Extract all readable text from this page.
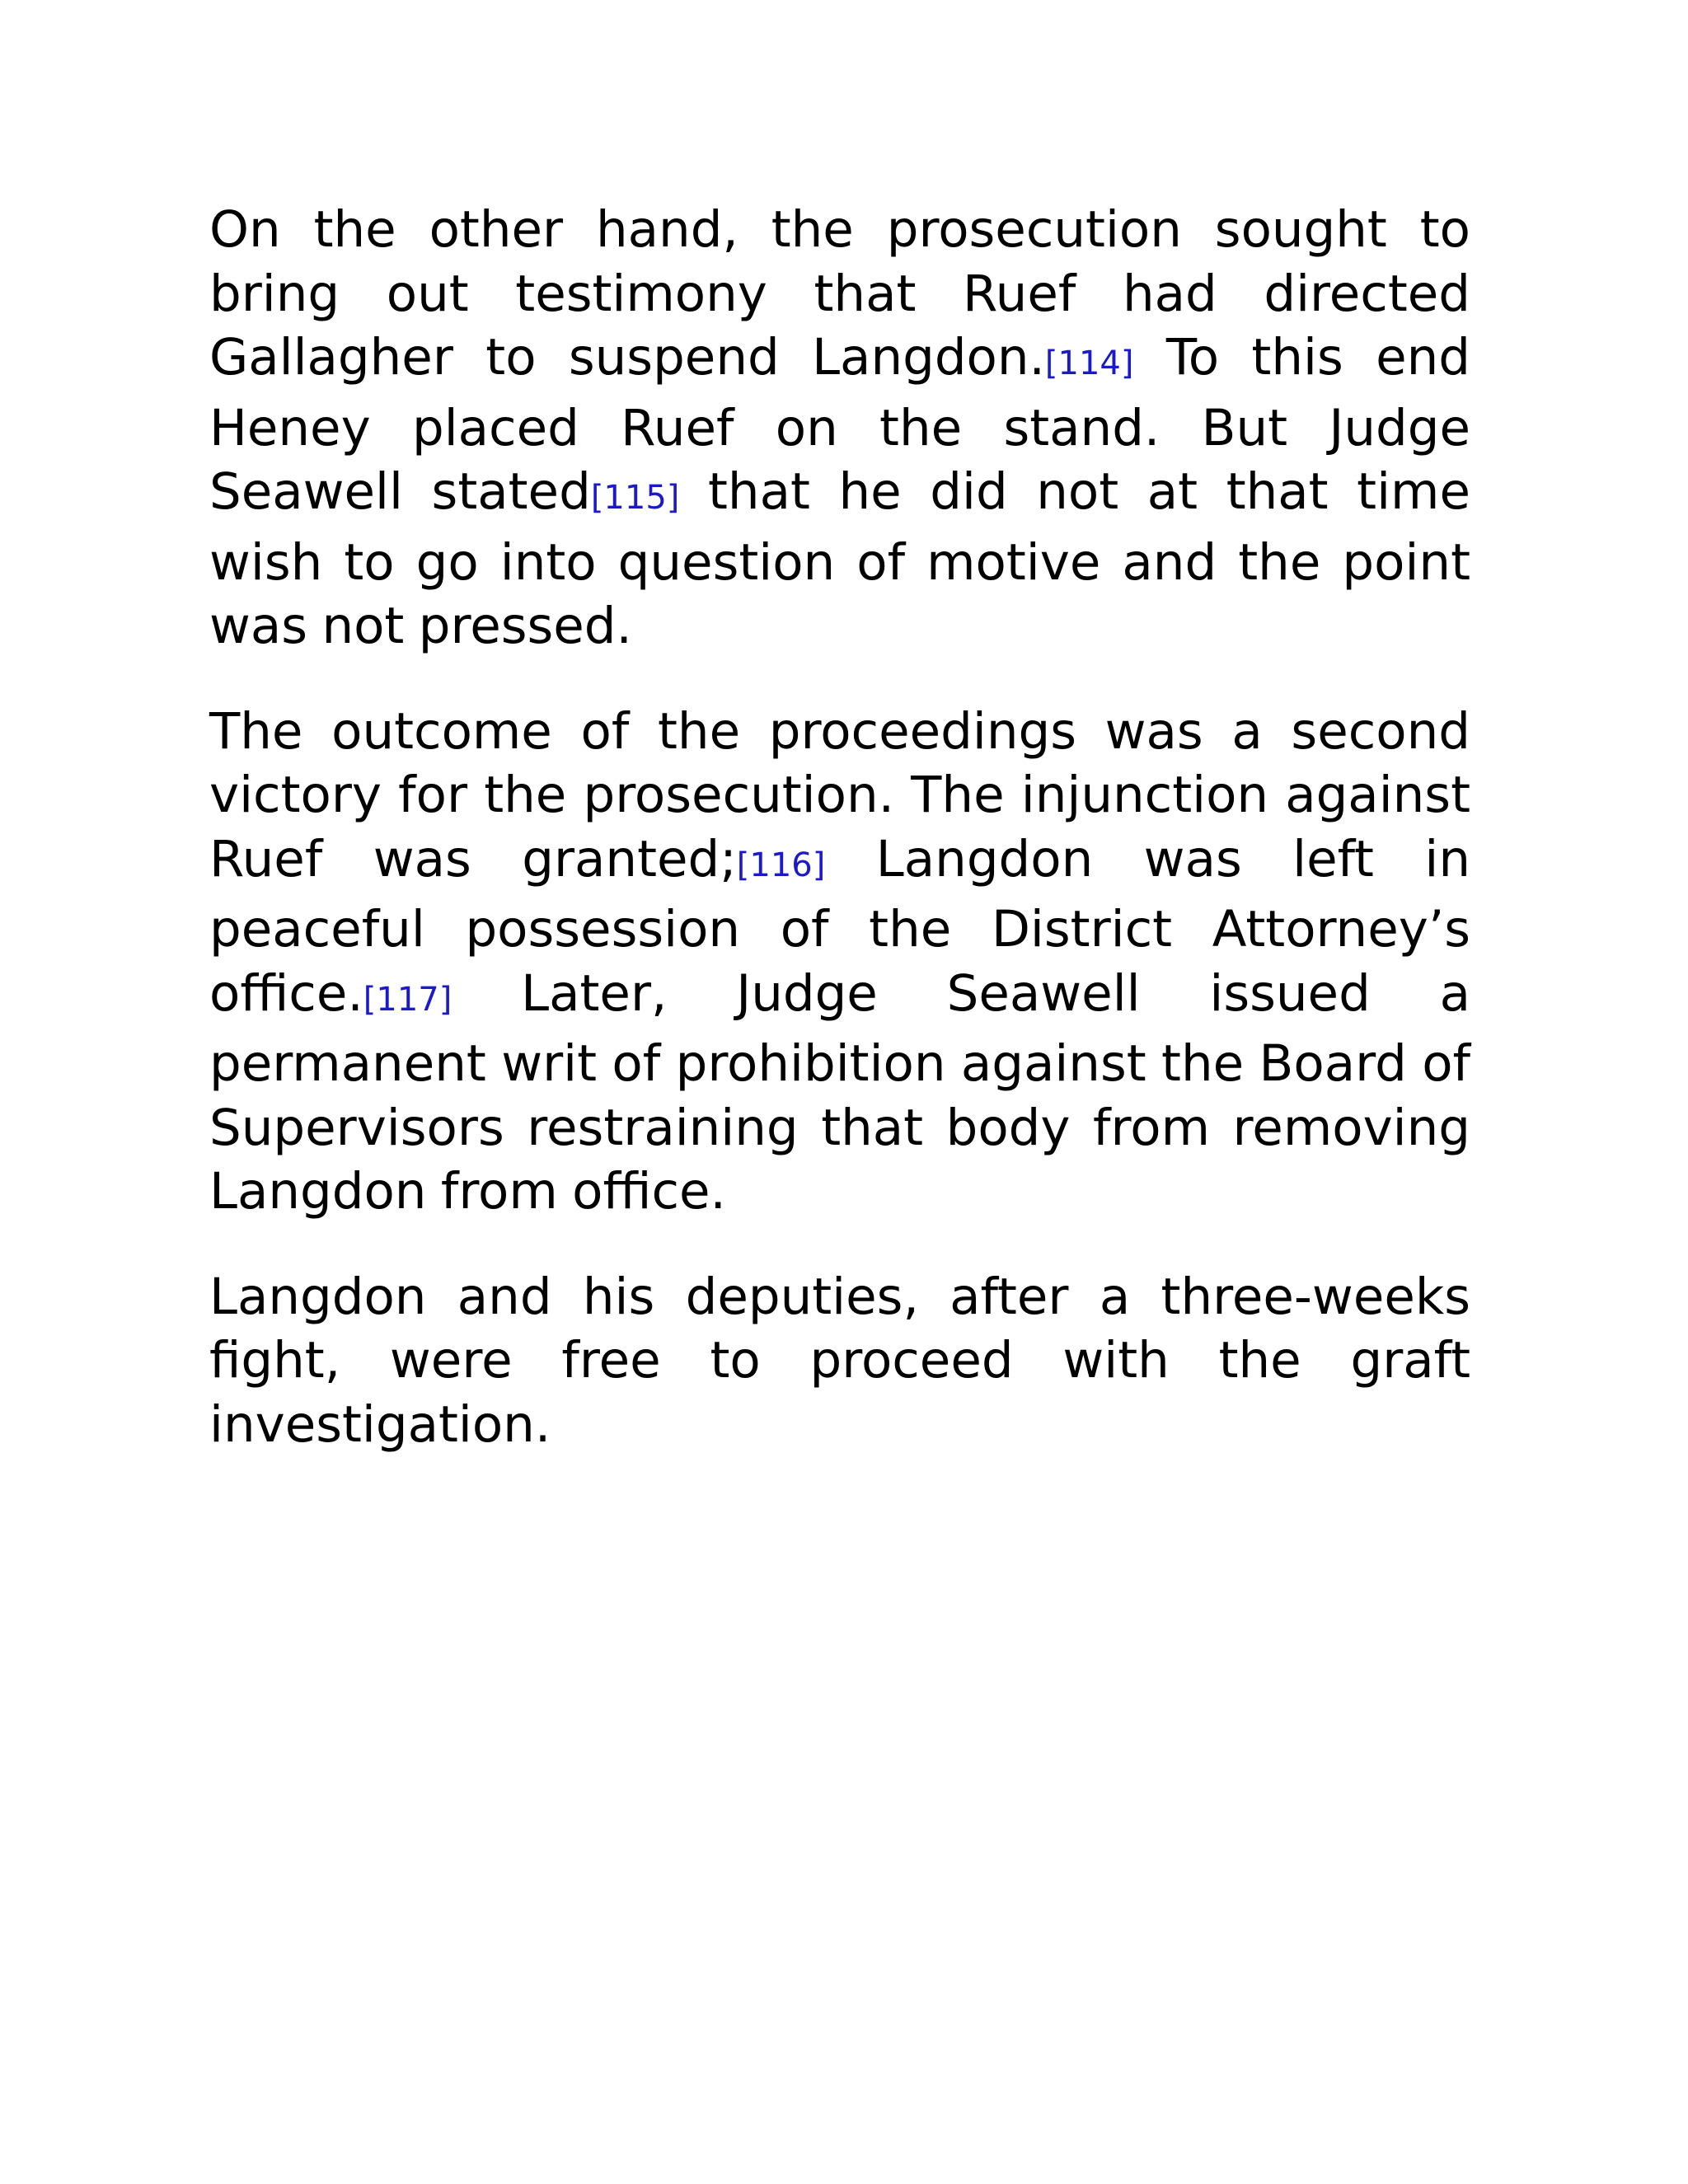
On the other hand, the prosecution sought to bring out testimony that Ruef had directed Gallagher to suspend Langdon.[114] To this end Heney placed Ruef on the stand. But Judge Seawell stated[115] that he did not at that time wish to go into question of motive and the point was not pressed.

The outcome of the proceedings was a second victory for the prosecution. The injunction against Ruef was granted;[116] Langdon was left in peaceful possession of the District Attorney’s office.[117] Later, Judge Seawell issued a permanent writ of prohibition against the Board of Supervisors restraining that body from removing Langdon from office.

Langdon and his deputies, after a three-weeks fight, were free to proceed with the graft investigation.
